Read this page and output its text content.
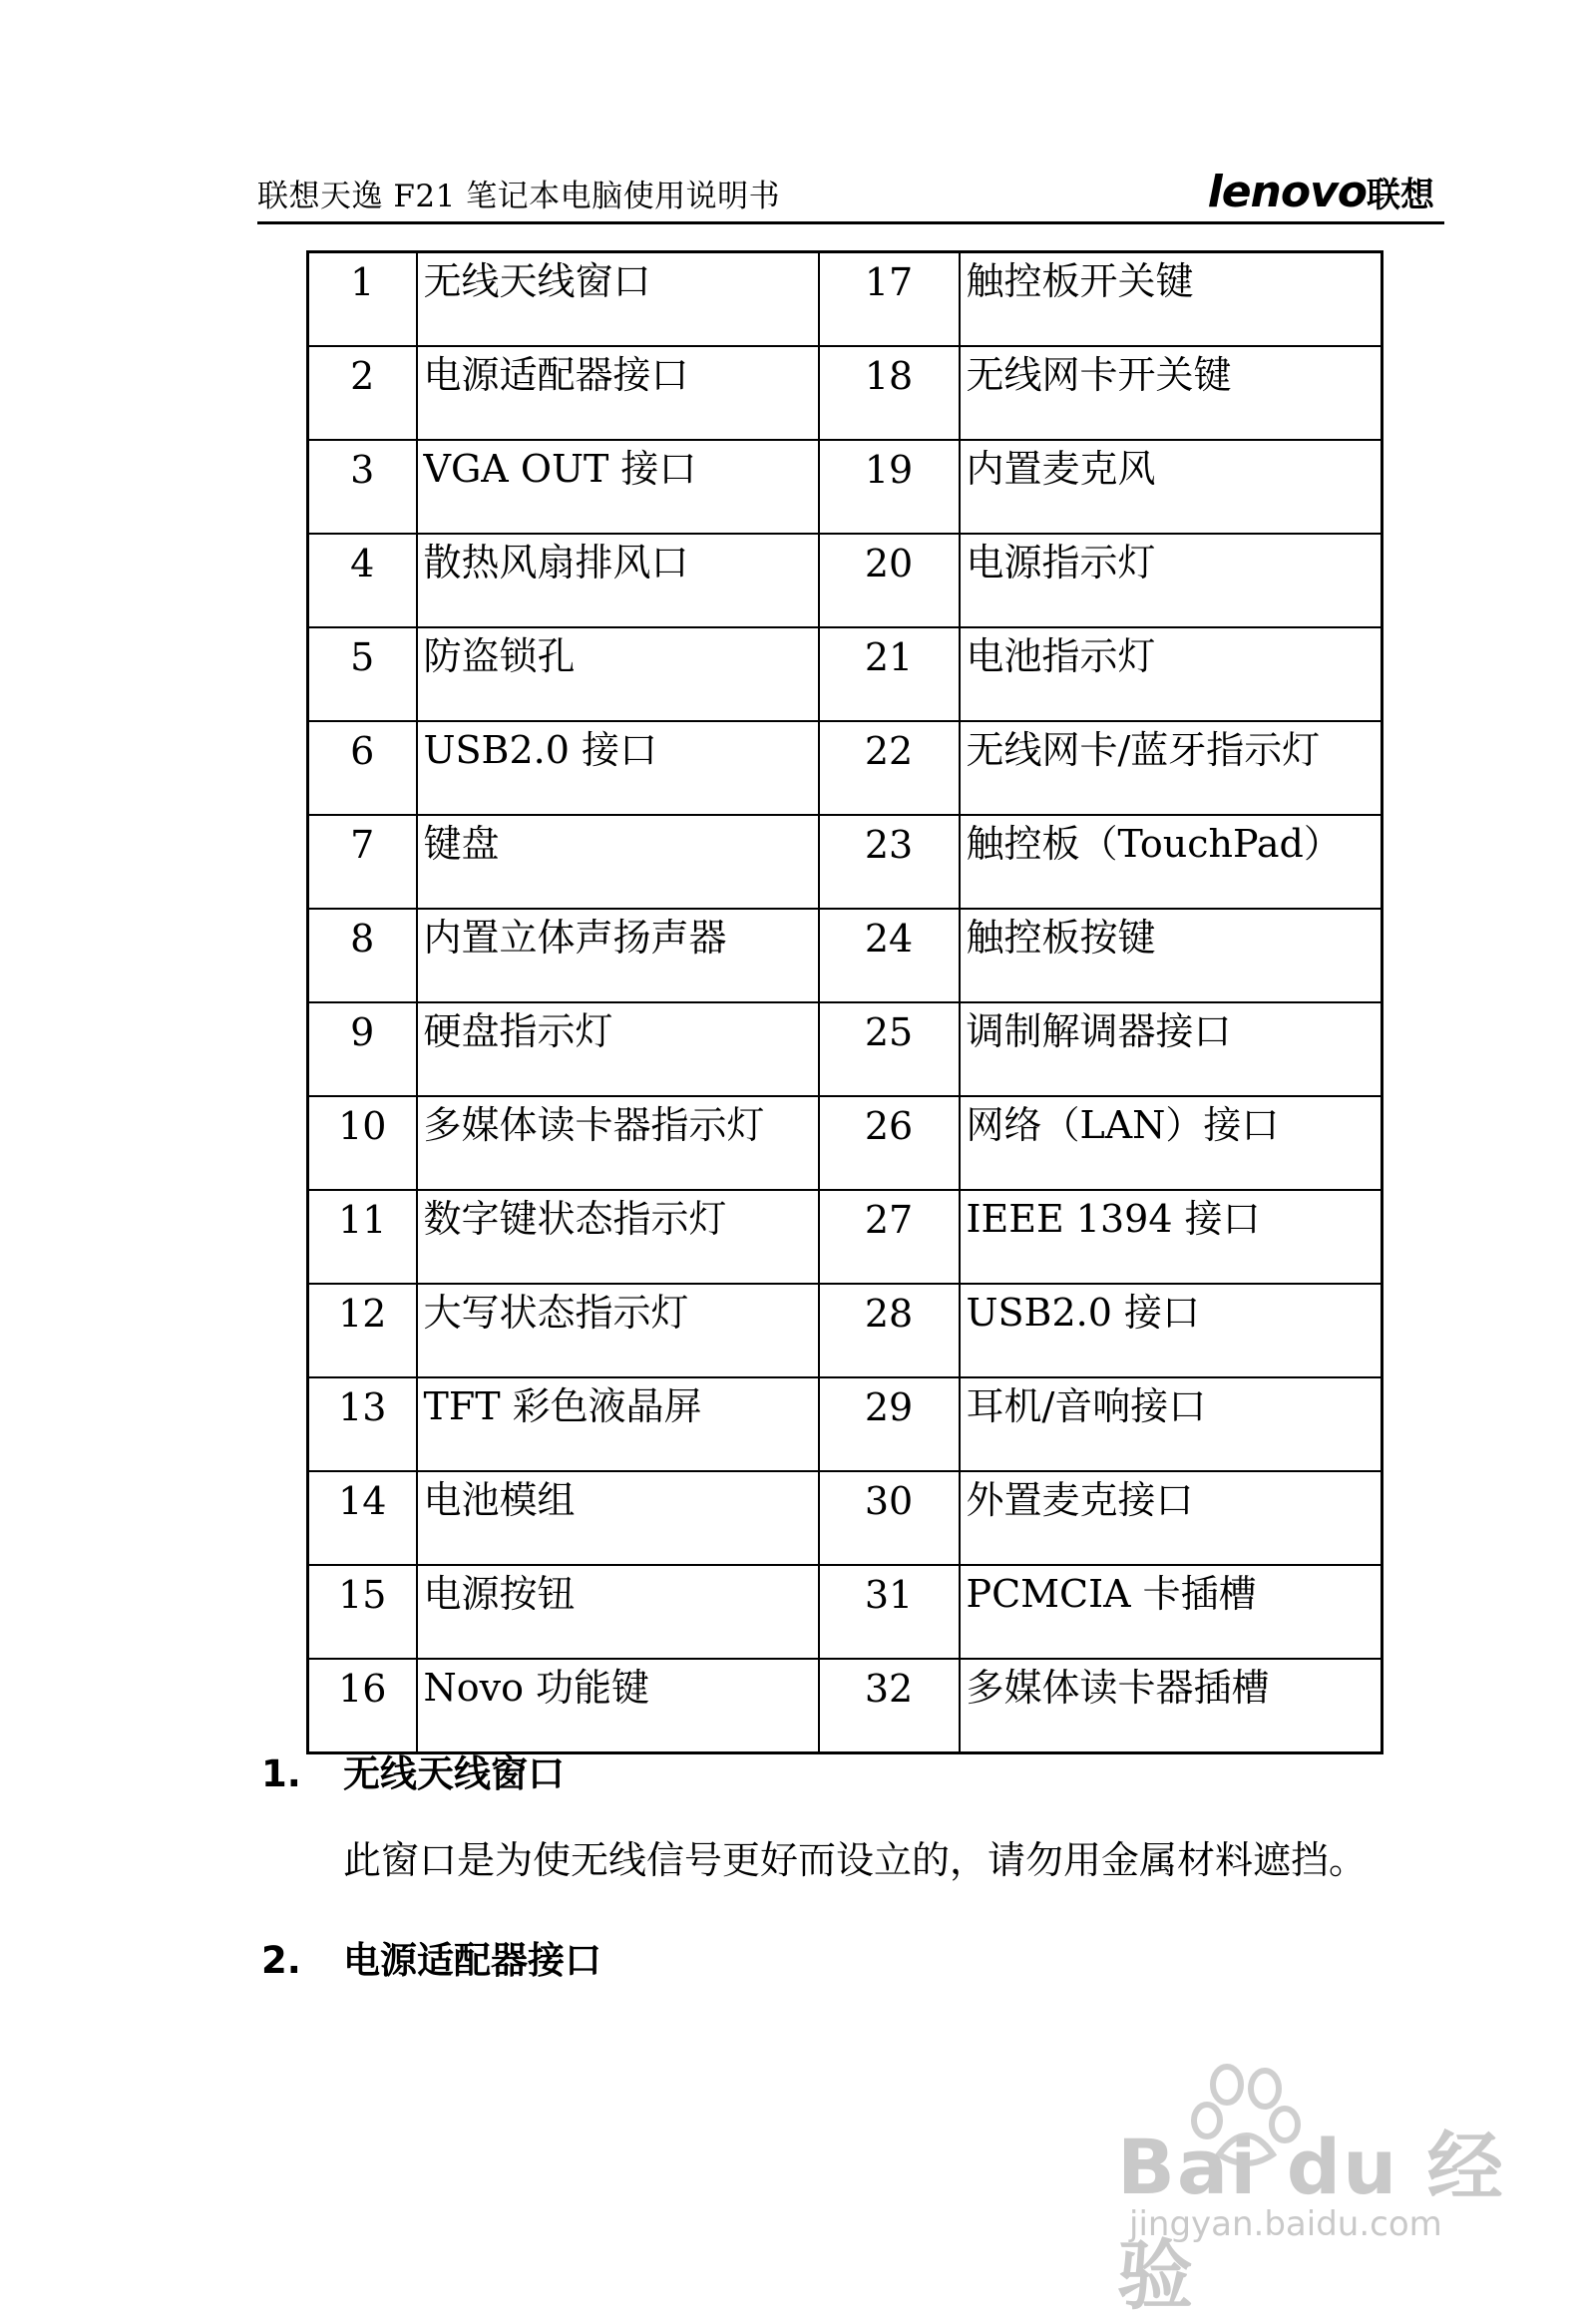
联想天逸 F21 笔记本电脑使用说明书	lenovo联想
1	无线天线窗口	17	触控板开关键
2	电源适配器接口	18	无线网卡开关键
3	VGA OUT 接口	19	内置麦克风
4	散热风扇排风口	20	电源指示灯
5	防盗锁孔	21	电池指示灯
6	USB2.0 接口	22	无线网卡/蓝牙指示灯
7	键盘	23	触控板（TouchPad）
8	内置立体声扬声器	24	触控板按键
9	硬盘指示灯	25	调制解调器接口
10	多媒体读卡器指示灯	26	网络（LAN）接口
11	数字键状态指示灯	27	IEEE 1394 接口
12	大写状态指示灯	28	USB2.0 接口
13	TFT 彩色液晶屏	29	耳机/音响接口
14	电池模组	30	外置麦克接口
15	电源按钮	31	PCMCIA 卡插槽
16	Novo 功能键	32	多媒体读卡器插槽
1. 无线天线窗口
此窗口是为使无线信号更好而设立的，请勿用金属材料遮挡。
2. 电源适配器接口
Bai du 经验
jingyan.baidu.com
